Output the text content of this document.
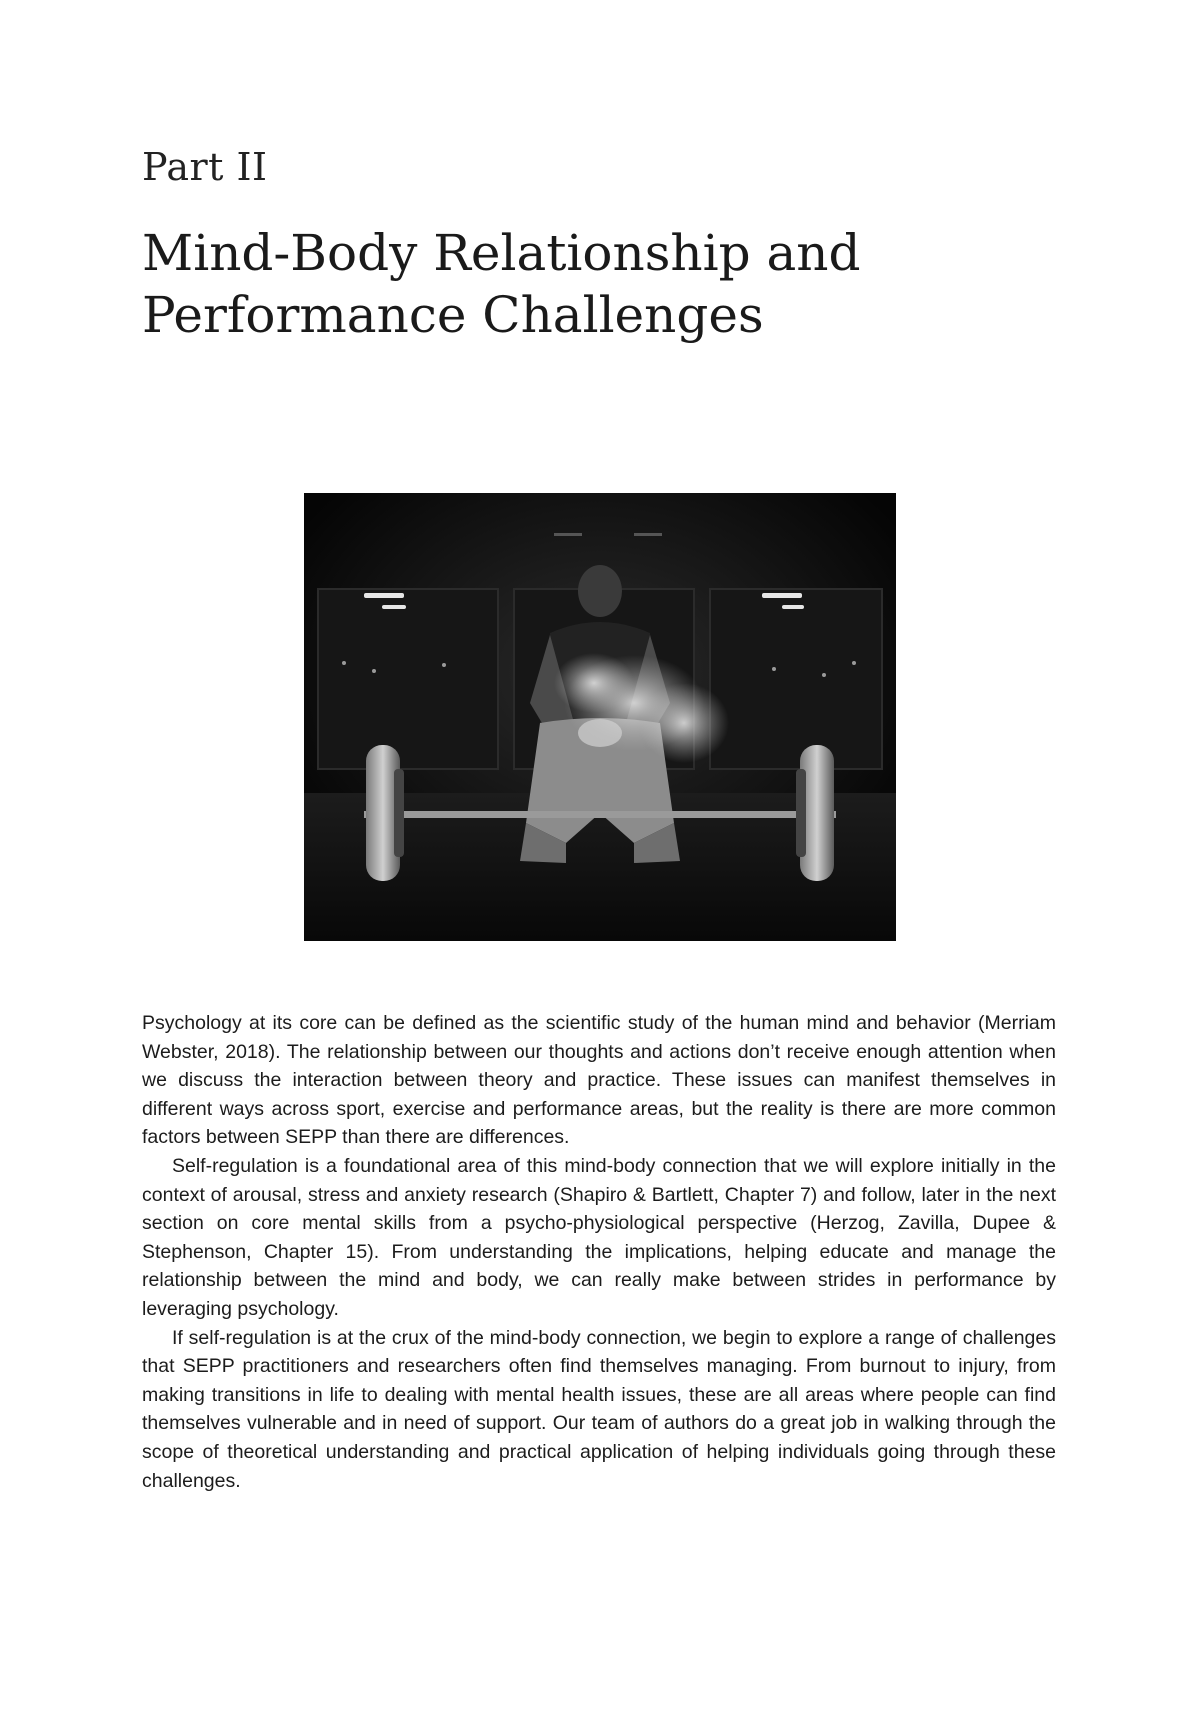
Part II
Mind-Body Relationship and
Performance Challenges

Psychology at its core can be defined as the scientific study of the human mind and behavior (Merriam Webster, 2018). The relationship between our thoughts and actions don’t receive enough attention when we discuss the interaction between theory and practice. These issues can manifest themselves in different ways across sport, exercise and performance areas, but the reality is there are more common factors between SEPP than there are differences.

Self-regulation is a foundational area of this mind-body connection that we will explore initially in the context of arousal, stress and anxiety research (Shapiro & Bartlett, Chapter 7) and follow, later in the next section on core mental skills from a psycho-physiological perspective (Herzog, Zavilla, Dupee & Stephenson, Chapter 15). From understanding the implications, helping educate and manage the relationship between the mind and body, we can really make between strides in performance by leveraging psychology.

If self-regulation is at the crux of the mind-body connection, we begin to explore a range of challenges that SEPP practitioners and researchers often find themselves managing. From burnout to injury, from making transitions in life to dealing with mental health issues, these are all areas where people can find themselves vulnerable and in need of support. Our team of authors do a great job in walking through the scope of theoretical understanding and practical application of helping individuals going through these challenges.
